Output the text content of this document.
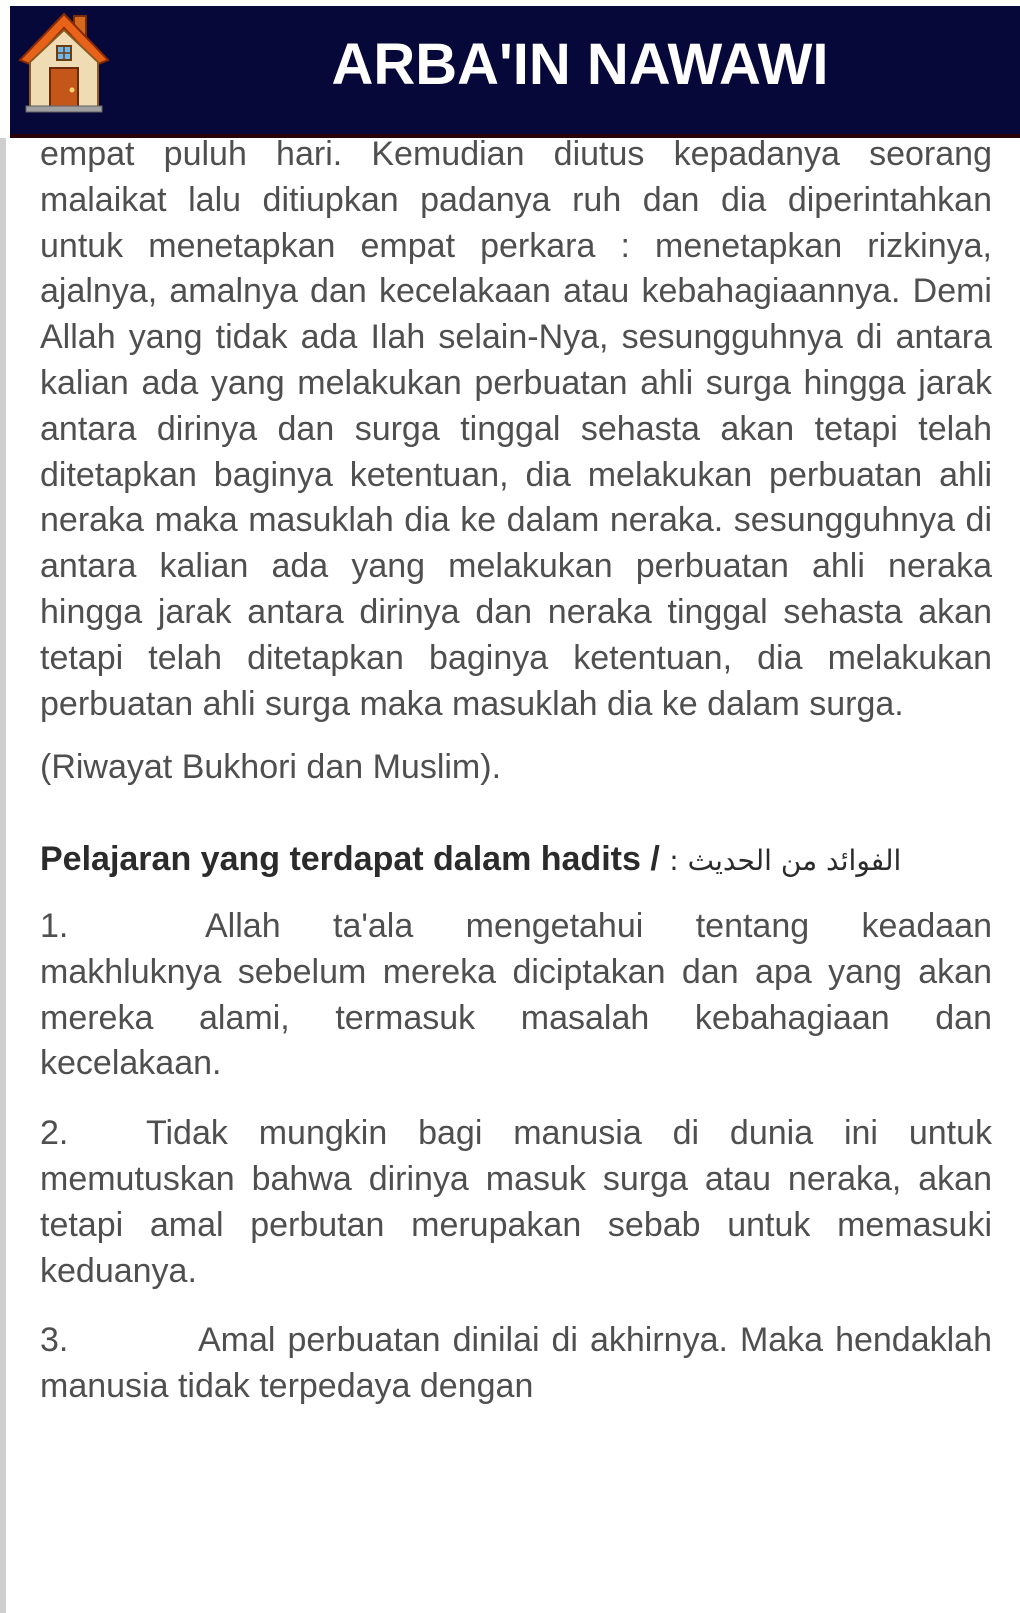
ARBA'IN NAWAWI

empat puluh hari. Kemudian diutus kepadanya seorang malaikat lalu ditiupkan padanya ruh dan dia diperintahkan untuk menetapkan empat perkara : menetapkan rizkinya, ajalnya, amalnya dan kecelakaan atau kebahagiaannya. Demi Allah yang tidak ada Ilah selain-Nya, sesungguhnya di antara kalian ada yang melakukan perbuatan ahli surga hingga jarak antara dirinya dan surga tinggal sehasta akan tetapi telah ditetapkan baginya ketentuan, dia melakukan perbuatan ahli neraka maka masuklah dia ke dalam neraka. sesungguhnya di antara kalian ada yang melakukan perbuatan ahli neraka hingga jarak antara dirinya dan neraka tinggal sehasta akan tetapi telah ditetapkan baginya ketentuan, dia melakukan perbuatan ahli surga maka masuklah dia ke dalam surga.

(Riwayat Bukhori dan Muslim).

Pelajaran yang terdapat dalam hadits / الفوائد من الحديث :

1.	Allah ta'ala mengetahui tentang keadaan makhluknya sebelum mereka diciptakan dan apa yang akan mereka alami, termasuk masalah kebahagiaan dan kecelakaan.

2. Tidak mungkin bagi manusia di dunia ini untuk memutuskan bahwa dirinya masuk surga atau neraka, akan tetapi amal perbutan merupakan sebab untuk memasuki keduanya.

3.	Amal perbuatan dinilai di akhirnya. Maka hendaklah manusia tidak terpedaya dengan
